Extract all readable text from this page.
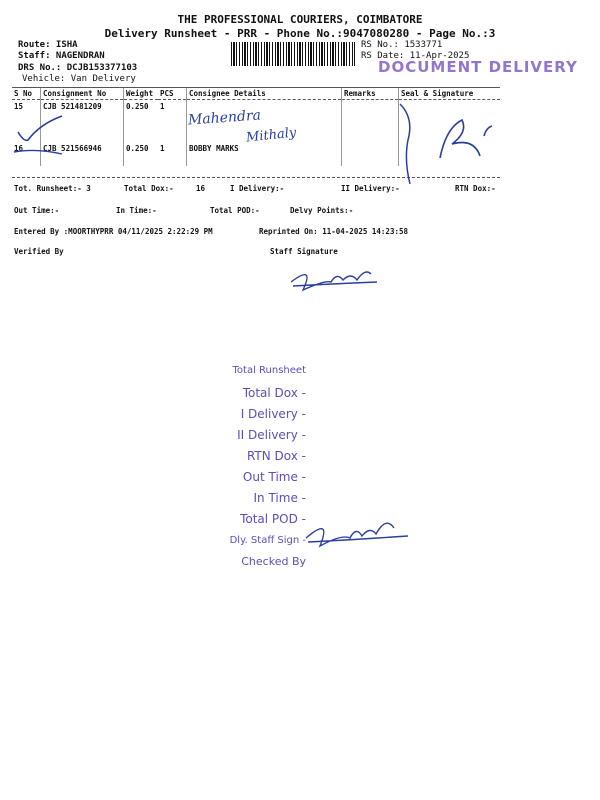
THE PROFESSIONAL COURIERS, COIMBATORE
Delivery Runsheet - PRR - Phone No.:9047080280 - Page No.:3
Route: ISHA
Staff: NAGENDRAN
DRS No.: DCJB153377103
Vehicle: Van Delivery
RS No.: 1533771
RS Date: 11-Apr-2025
DOCUMENT DELIVERY
S No	Consignment No	Weight	PCS	Consignee Details	Remarks	Seal & Signature
15	CJB 521481209	0.250	1			
16	CJB 521566946	0.250	1	BOBBY MARKS		
Mahendra
Mithaly
Tot. Runsheet:- 3	Total Dox:-	16	I Delivery:-	II Delivery:-	RTN Dox:-
Out Time:-	In Time:-	Total POD:-	Delvy Points:-
Entered By :MOORTHYPRR 04/11/2025 2:22:29 PM	Reprinted On: 11-04-2025 14:23:58
Verified By	Staff Signature
Total Runsheet
Total Dox -
I Delivery -
II Delivery -
RTN Dox -
Out Time -
In Time -
Total POD -
Dly. Staff Sign -
Checked By
